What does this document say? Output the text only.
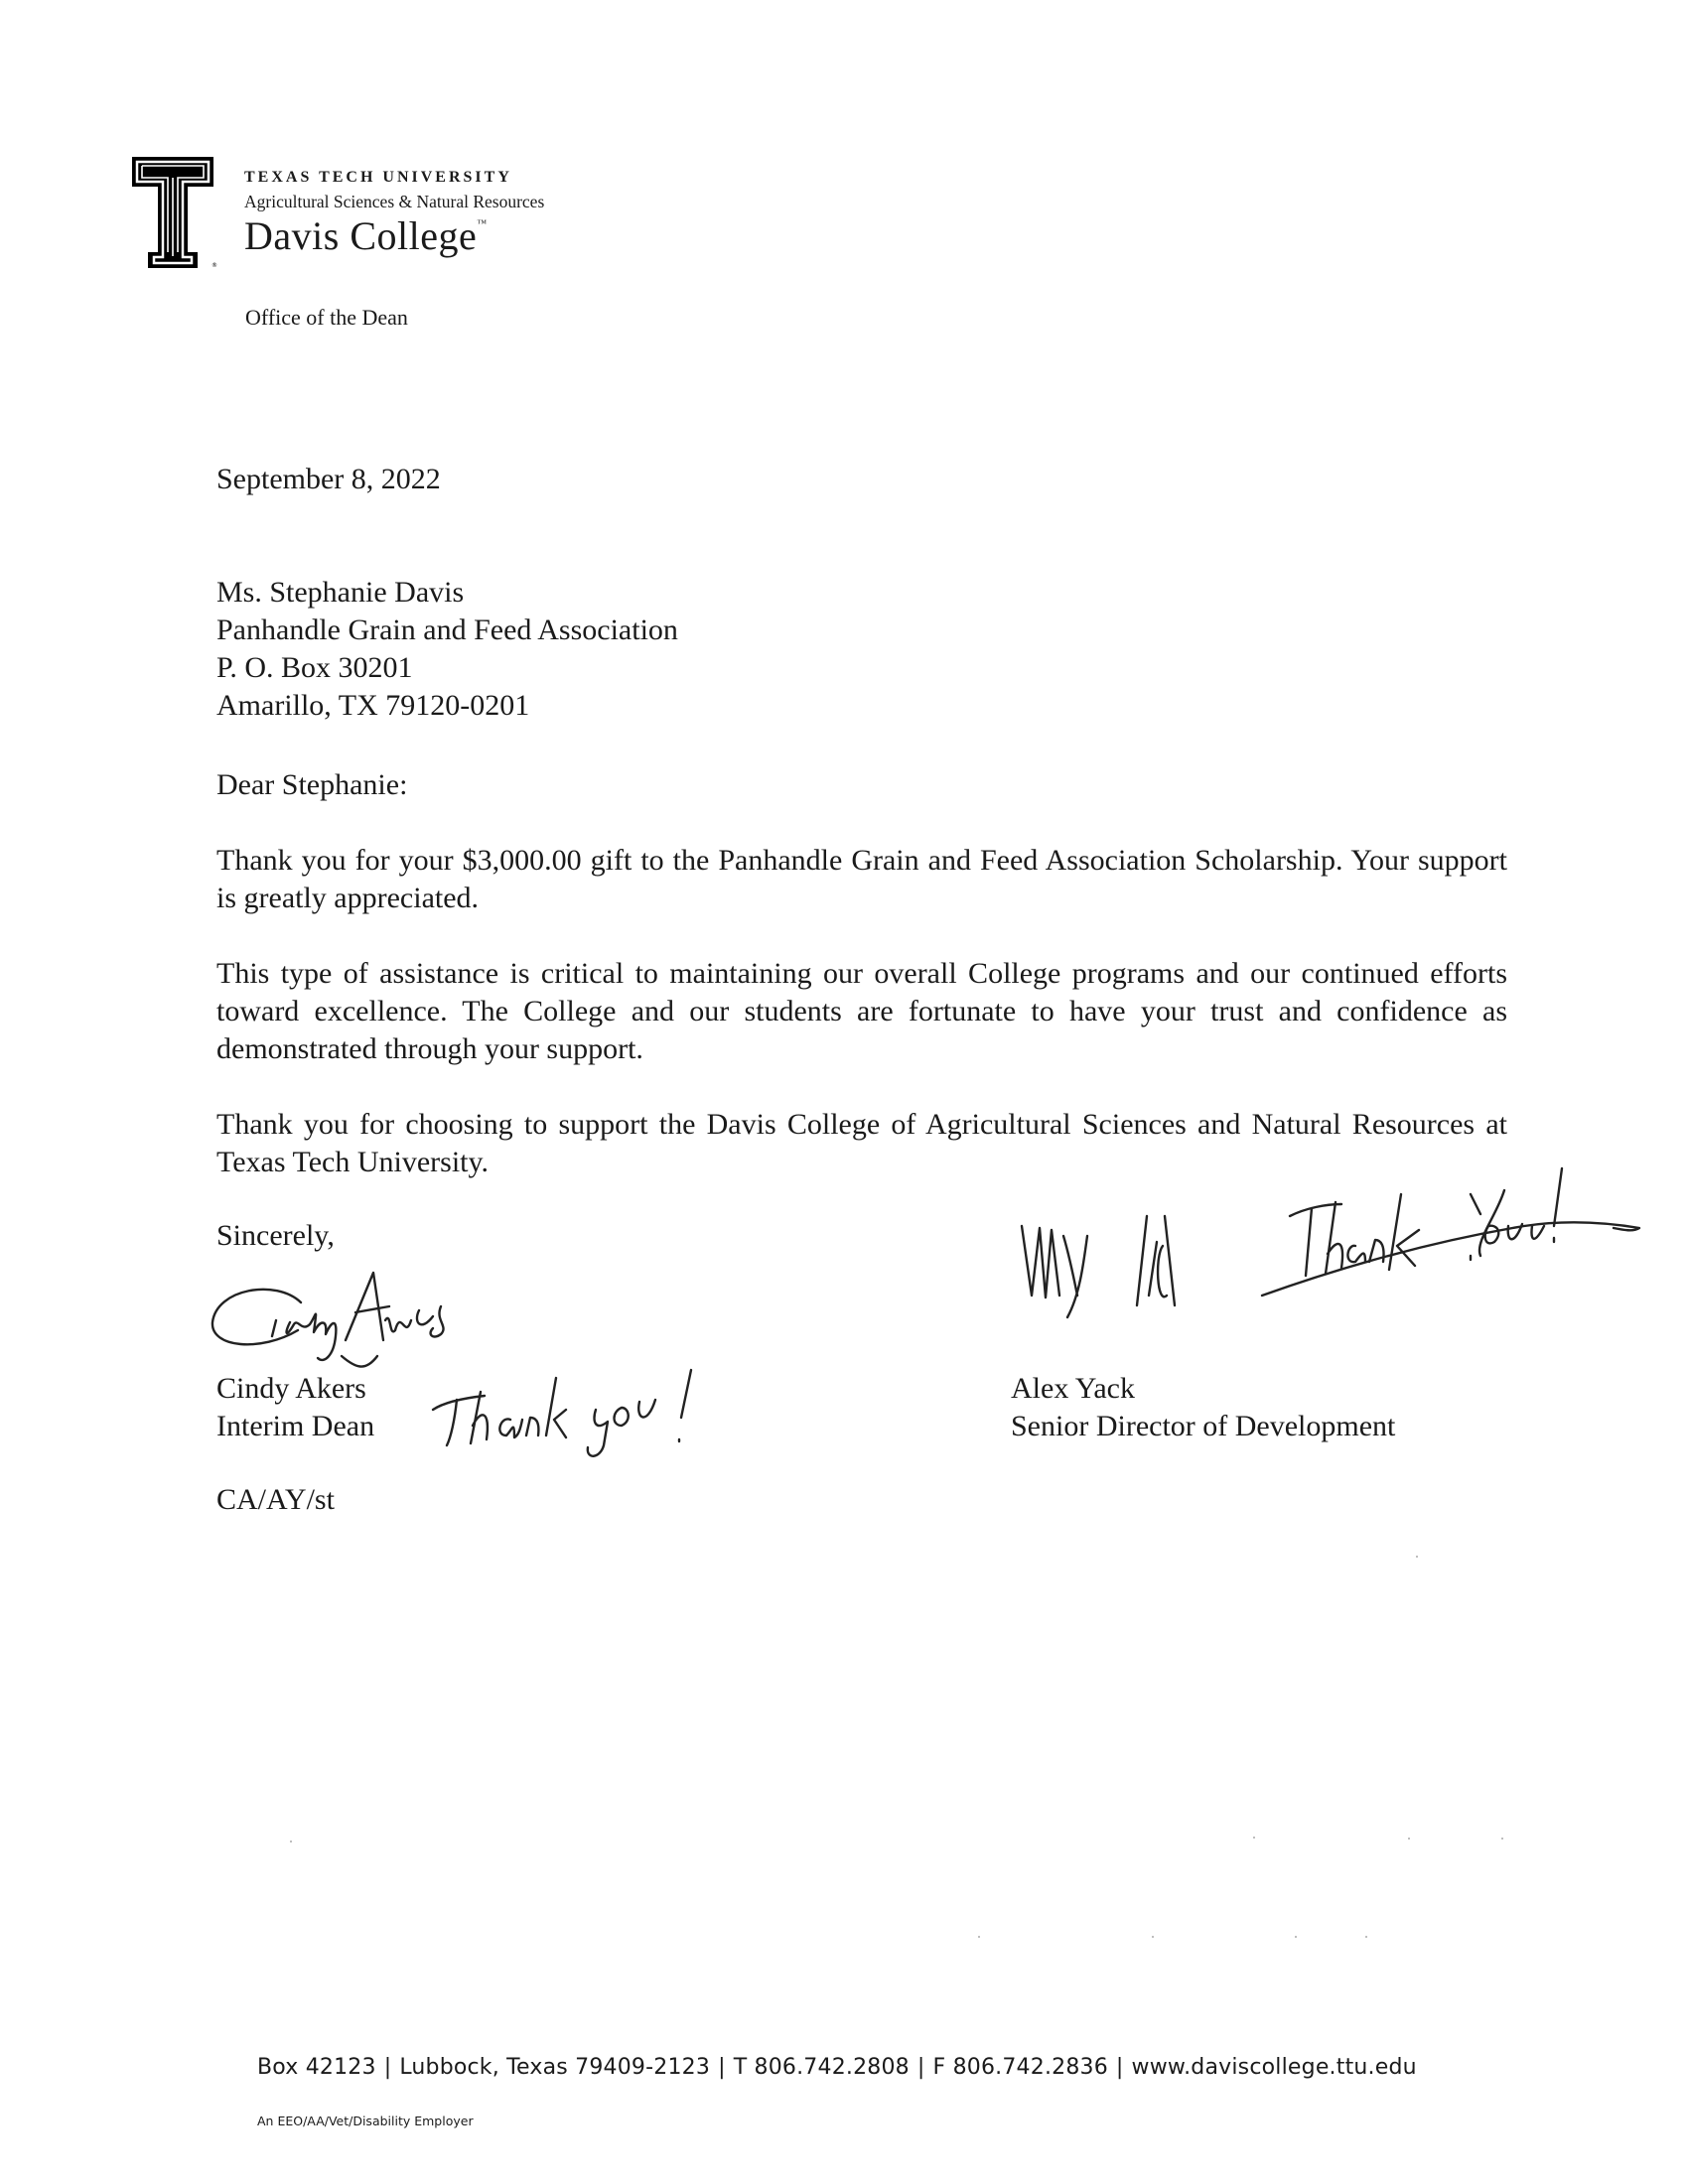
®
TEXAS TECH UNIVERSITY
Agricultural Sciences & Natural Resources
Davis College™
Office of the Dean
September 8, 2022
Ms. Stephanie Davis
Panhandle Grain and Feed Association
P. O. Box 30201
Amarillo, TX 79120-0201
Dear Stephanie:
Thank you for your $3,000.00 gift to the Panhandle Grain and Feed Association Scholarship. Your support is greatly appreciated.
This type of assistance is critical to maintaining our overall College programs and our continued efforts toward excellence. The College and our students are fortunate to have your trust and confidence as demonstrated through your support.
Thank you for choosing to support the Davis College of Agricultural Sciences and Natural Resources at Texas Tech University.
Sincerely,
Cindy Akers
Interim Dean
Alex Yack
Senior Director of Development
CA/AY/st
Box 42123 | Lubbock, Texas 79409-2123 | T 806.742.2808 | F 806.742.2836 | www.daviscollege.ttu.edu
An EEO/AA/Vet/Disability Employer
